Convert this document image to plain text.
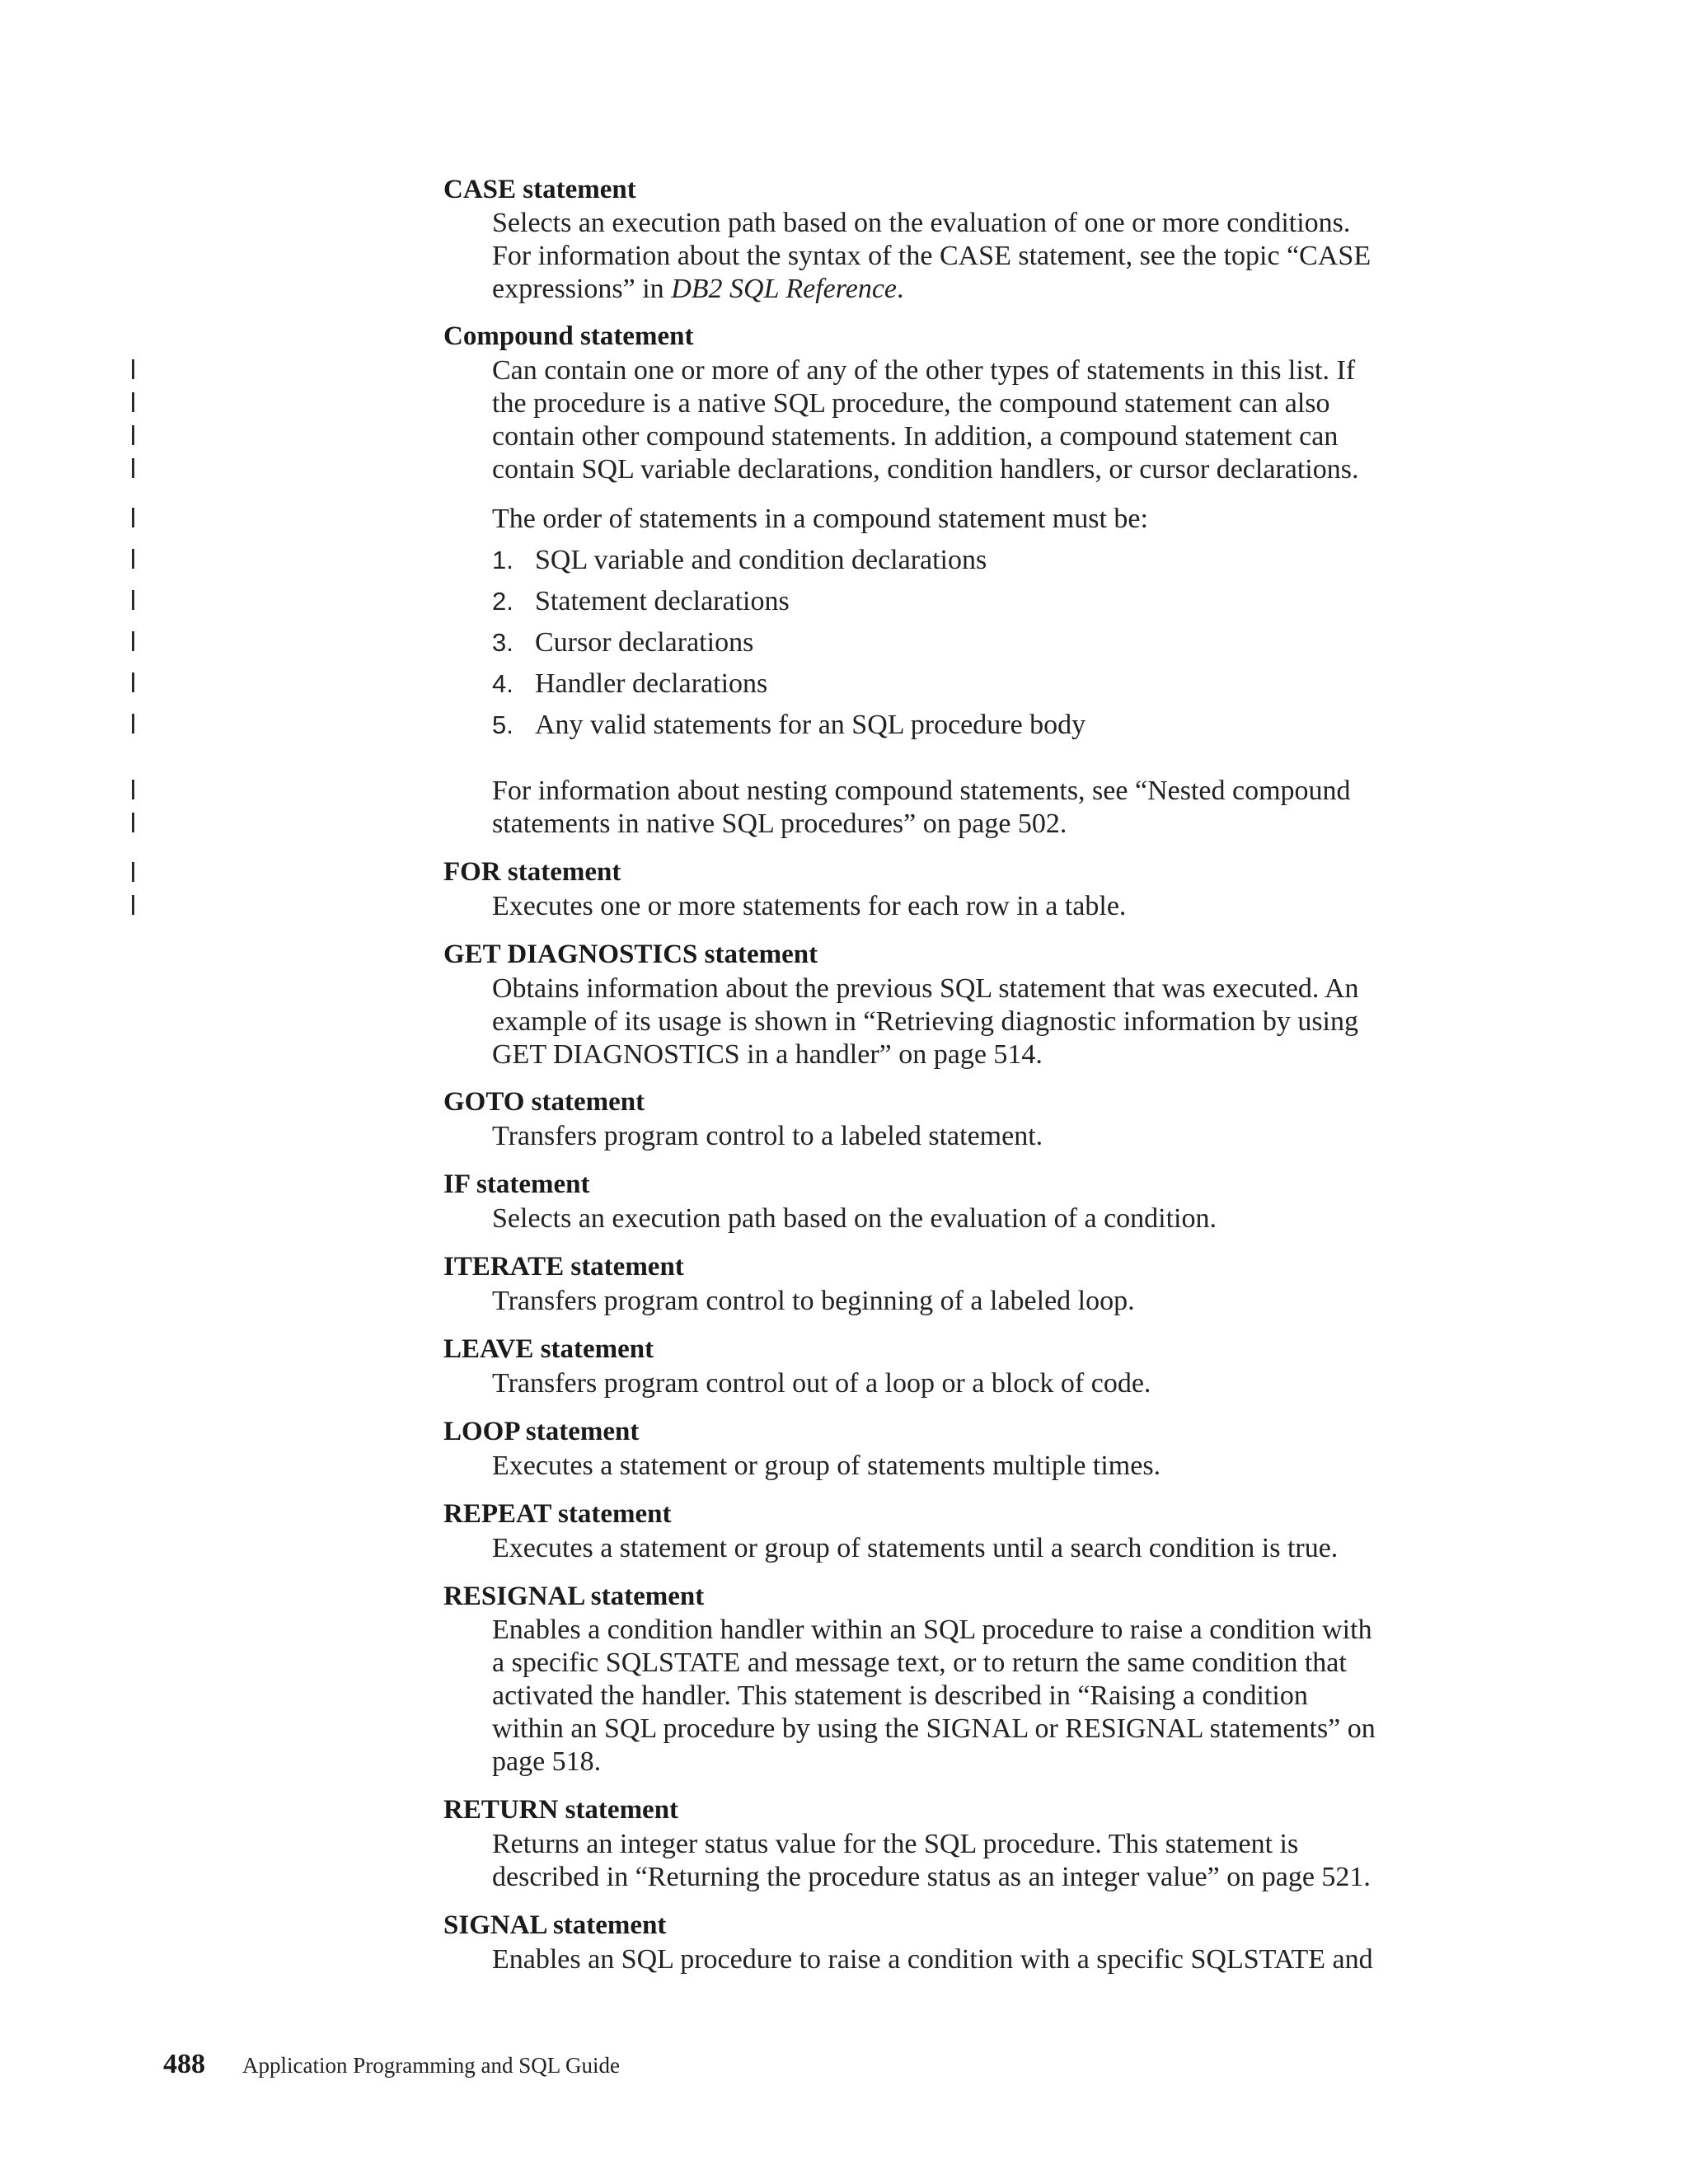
CASE statement
Selects an execution path based on the evaluation of one or more conditions.
For information about the syntax of the CASE statement, see the topic “CASE
expressions” in DB2 SQL Reference.
Compound statement
Can contain one or more of any of the other types of statements in this list. If
the procedure is a native SQL procedure, the compound statement can also
contain other compound statements. In addition, a compound statement can
contain SQL variable declarations, condition handlers, or cursor declarations.
The order of statements in a compound statement must be:
1. SQL variable and condition declarations
2. Statement declarations
3. Cursor declarations
4. Handler declarations
5. Any valid statements for an SQL procedure body
For information about nesting compound statements, see “Nested compound
statements in native SQL procedures” on page 502.
FOR statement
Executes one or more statements for each row in a table.
GET DIAGNOSTICS statement
Obtains information about the previous SQL statement that was executed. An
example of its usage is shown in “Retrieving diagnostic information by using
GET DIAGNOSTICS in a handler” on page 514.
GOTO statement
Transfers program control to a labeled statement.
IF statement
Selects an execution path based on the evaluation of a condition.
ITERATE statement
Transfers program control to beginning of a labeled loop.
LEAVE statement
Transfers program control out of a loop or a block of code.
LOOP statement
Executes a statement or group of statements multiple times.
REPEAT statement
Executes a statement or group of statements until a search condition is true.
RESIGNAL statement
Enables a condition handler within an SQL procedure to raise a condition with
a specific SQLSTATE and message text, or to return the same condition that
activated the handler. This statement is described in “Raising a condition
within an SQL procedure by using the SIGNAL or RESIGNAL statements” on
page 518.
RETURN statement
Returns an integer status value for the SQL procedure. This statement is
described in “Returning the procedure status as an integer value” on page 521.
SIGNAL statement
Enables an SQL procedure to raise a condition with a specific SQLSTATE and
488 Application Programming and SQL Guide
